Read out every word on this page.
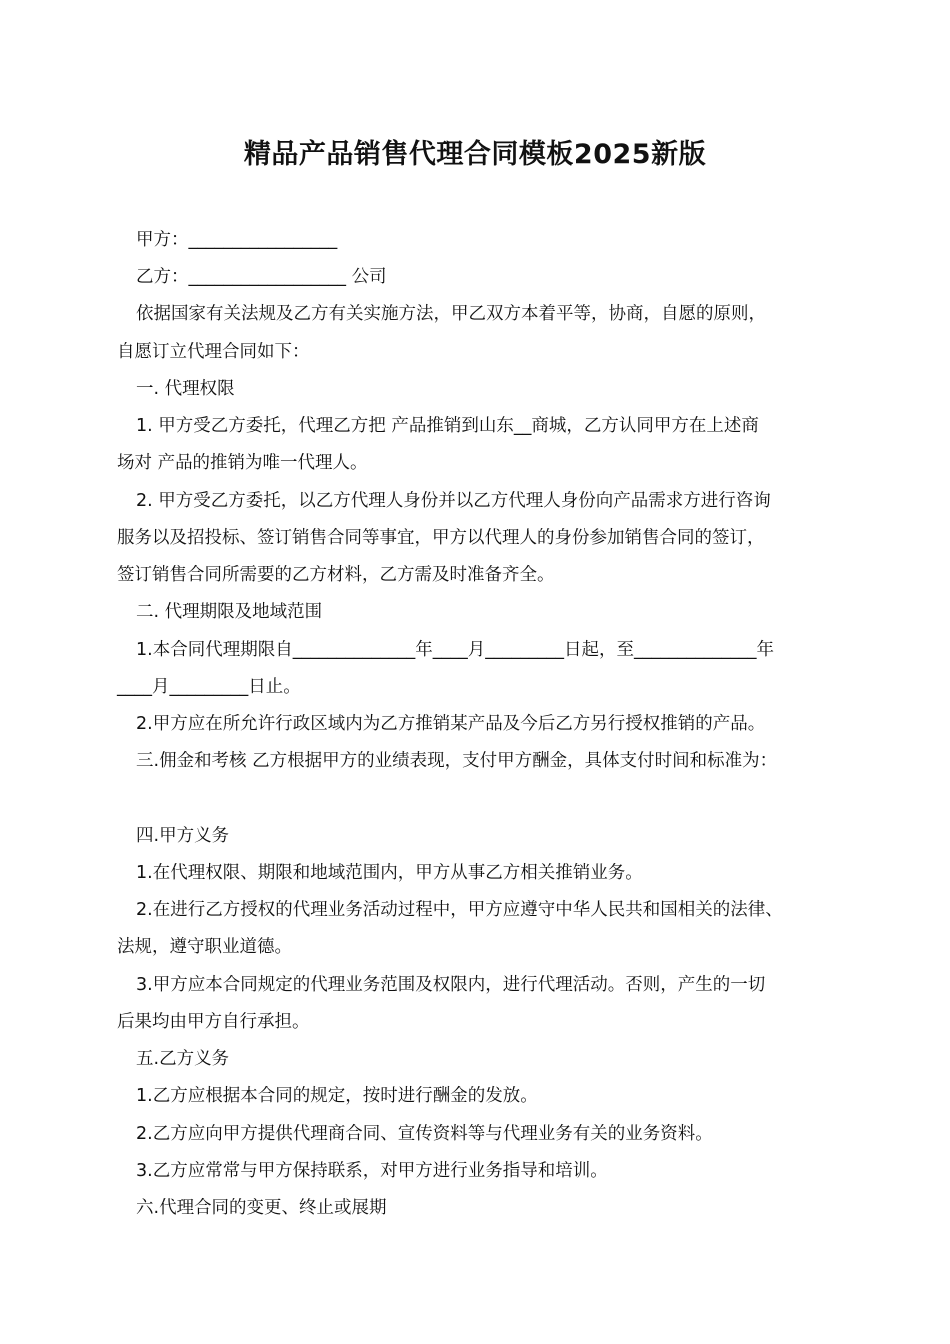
精品产品销售代理合同模板2025新版
甲方：_________________
乙方：__________________ 公司
依据国家有关法规及乙方有关实施方法，甲乙双方本着平等，协商，自愿的原则，
自愿订立代理合同如下：
一. 代理权限
1. 甲方受乙方委托，代理乙方把 产品推销到山东__商城，乙方认同甲方在上述商
场对 产品的推销为唯一代理人。
2. 甲方受乙方委托，以乙方代理人身份并以乙方代理人身份向产品需求方进行咨询
服务以及招投标、签订销售合同等事宜，甲方以代理人的身份参加销售合同的签订，
签订销售合同所需要的乙方材料，乙方需及时准备齐全。
二. 代理期限及地域范围
1.本合同代理期限自______________年____月_________日起，至______________年
____月_________日止。
2.甲方应在所允许行政区域内为乙方推销某产品及今后乙方另行授权推销的产品。
三.佣金和考核 乙方根据甲方的业绩表现，支付甲方酬金，具体支付时间和标准为：
四.甲方义务
1.在代理权限、期限和地域范围内，甲方从事乙方相关推销业务。
2.在进行乙方授权的代理业务活动过程中，甲方应遵守中华人民共和国相关的法律、
法规，遵守职业道德。
3.甲方应本合同规定的代理业务范围及权限内，进行代理活动。否则，产生的一切
后果均由甲方自行承担。
五.乙方义务
1.乙方应根据本合同的规定，按时进行酬金的发放。
2.乙方应向甲方提供代理商合同、宣传资料等与代理业务有关的业务资料。
3.乙方应常常与甲方保持联系，对甲方进行业务指导和培训。
六.代理合同的变更、终止或展期
